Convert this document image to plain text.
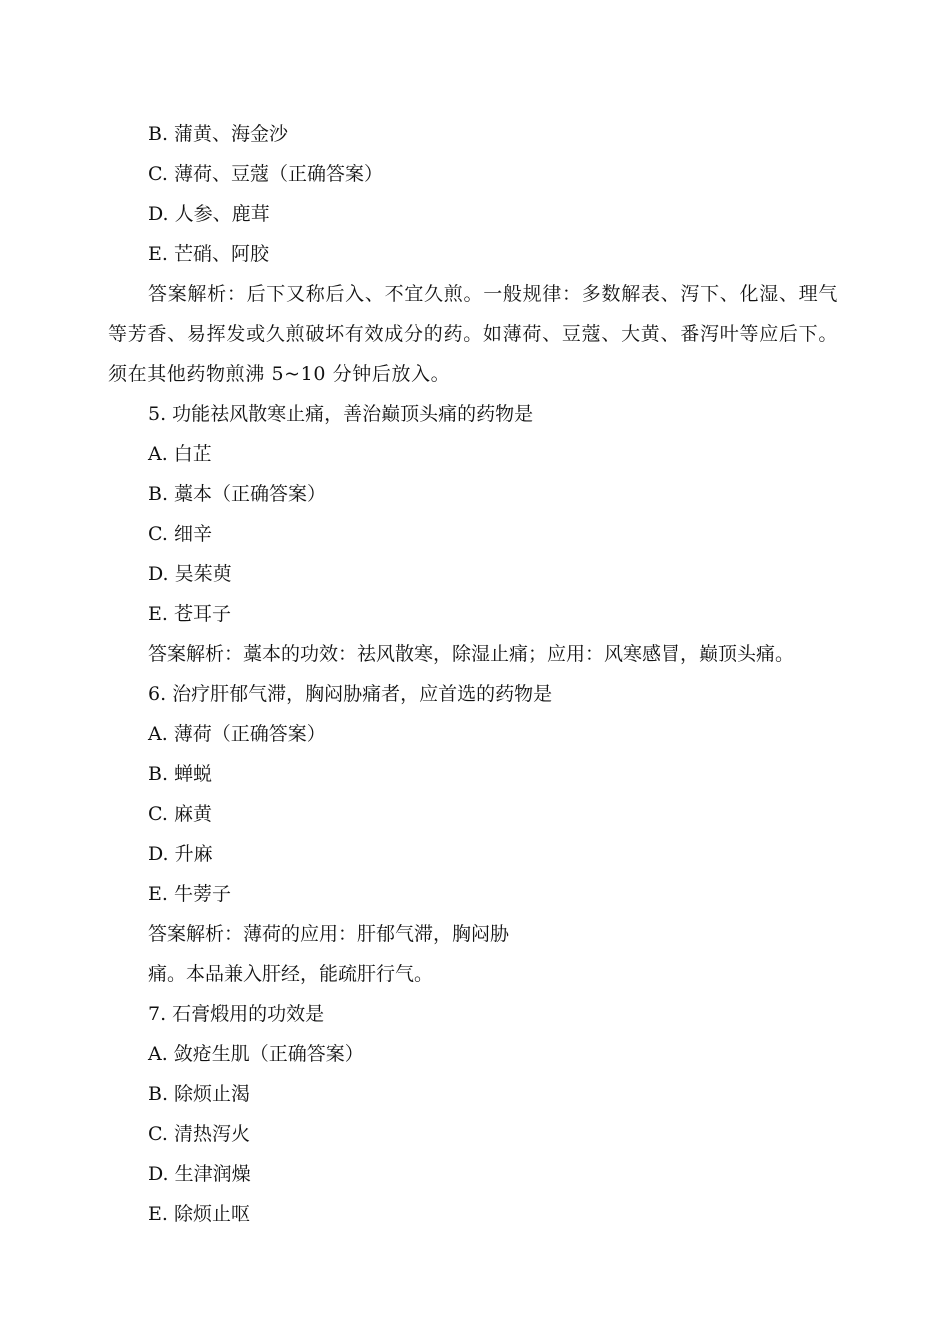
B. 蒲黄、海金沙
C. 薄荷、豆蔻（正确答案）
D. 人参、鹿茸
E. 芒硝、阿胶

答案解析：后下又称后入、不宜久煎。一般规律：多数解表、泻下、化湿、理气等芳香、易挥发或久煎破坏有效成分的药。如薄荷、豆蔻、大黄、番泻叶等应后下。须在其他药物煎沸 5~10 分钟后放入。

5. 功能祛风散寒止痛，善治巅顶头痛的药物是
A. 白芷
B. 藁本（正确答案）
C. 细辛
D. 吴茱萸
E. 苍耳子
答案解析：藁本的功效：祛风散寒，除湿止痛；应用：风寒感冒，巅顶头痛。
6. 治疗肝郁气滞，胸闷胁痛者，应首选的药物是
A. 薄荷（正确答案）
B. 蝉蜕
C. 麻黄
D. 升麻
E. 牛蒡子
答案解析：薄荷的应用：肝郁气滞，胸闷胁
痛。本品兼入肝经，能疏肝行气。
7. 石膏煅用的功效是
A. 敛疮生肌（正确答案）
B. 除烦止渴
C. 清热泻火
D. 生津润燥
E. 除烦止呕
